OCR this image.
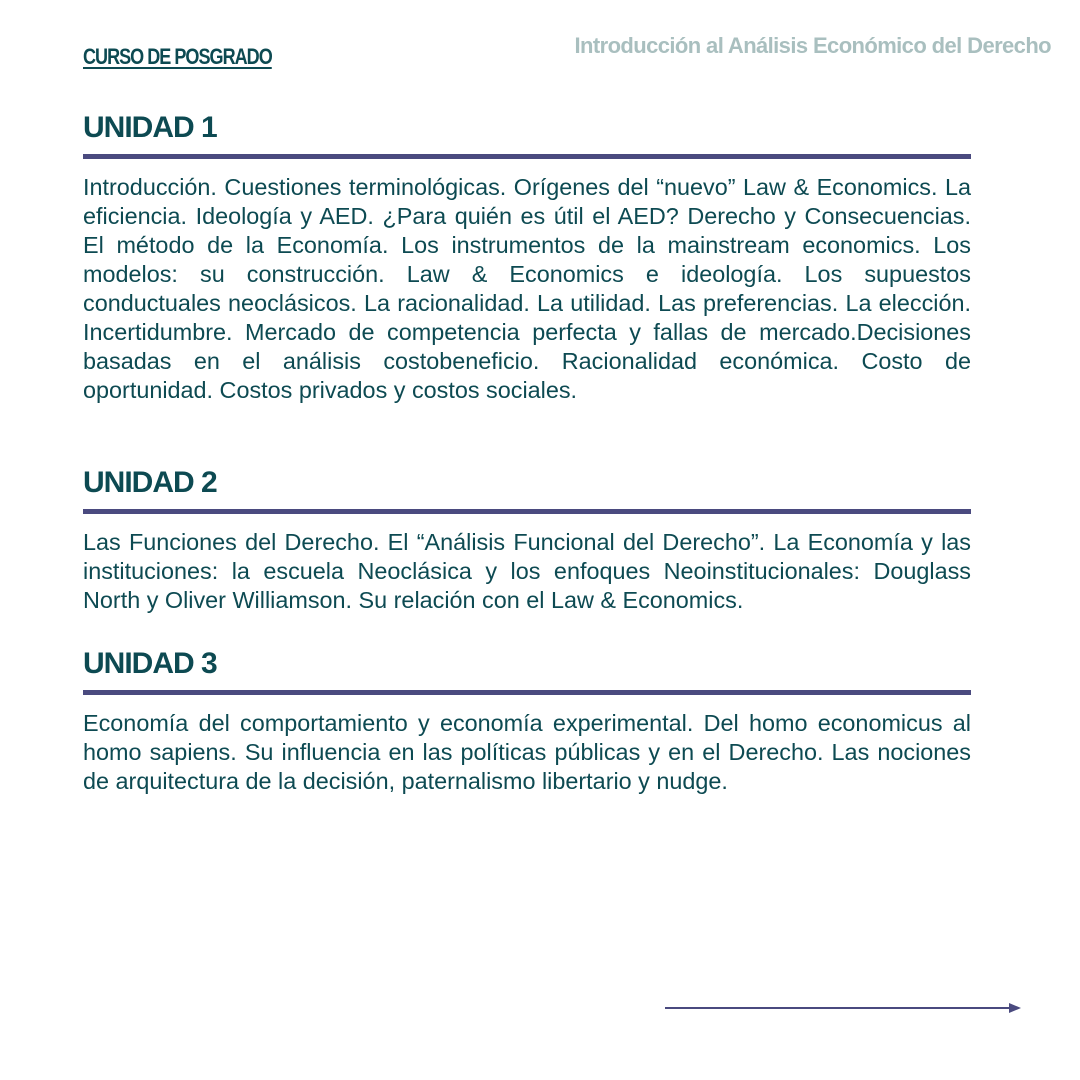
CURSO DE POSGRADO	Introducción al Análisis Económico del Derecho
UNIDAD 1

Introducción. Cuestiones terminológicas. Orígenes del “nuevo” Law & Economics. La eficiencia. Ideología y AED. ¿Para quién es útil el AED? Derecho y Consecuencias. El método de la Economía. Los instrumentos de la mainstream economics. Los modelos: su construcción. Law & Economics e ideología. Los supuestos conductuales neoclásicos. La racionalidad. La utilidad. Las preferencias. La elección. Incertidumbre. Mercado de competencia perfecta y fallas de mercado.Decisiones basadas en el análisis costobeneficio. Racionalidad económica. Costo de oportunidad. Costos privados y costos sociales.

UNIDAD 2

Las Funciones del Derecho. El “Análisis Funcional del Derecho”. La Economía y las instituciones: la escuela Neoclásica y los enfoques Neoinstitucionales: Douglass North y Oliver Williamson. Su relación con el Law & Economics.

UNIDAD 3

Economía del comportamiento y economía experimental. Del homo economicus al homo sapiens. Su influencia en las políticas públicas y en el Derecho. Las nociones de arquitectura de la decisión, paternalismo libertario y nudge.
